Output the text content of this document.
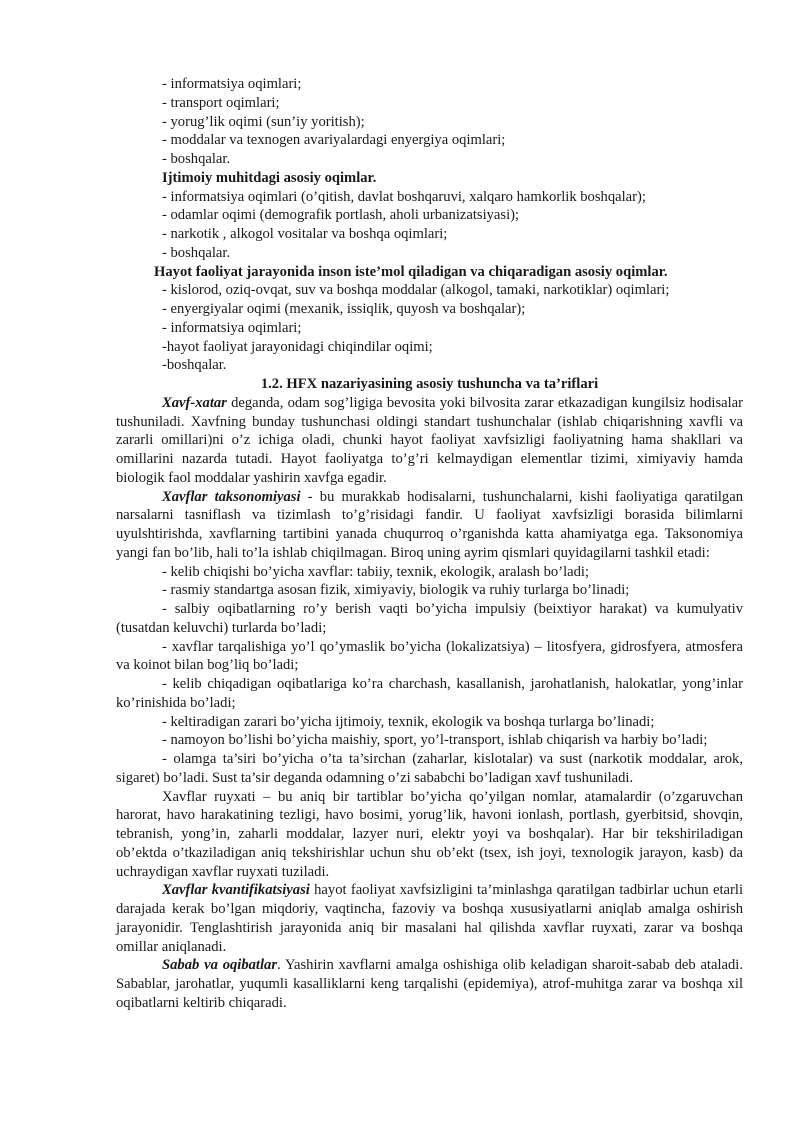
- informatsiya oqimlari;
- transport oqimlari;
- yorug’lik oqimi (sun’iy yoritish);
- moddalar va texnogen avariyalardagi enyergiya oqimlari;
- boshqalar.
Ijtimoiy muhitdagi asosiy oqimlar.
- informatsiya oqimlari (o’qitish, davlat boshqaruvi, xalqaro hamkorlik boshqalar);
- odamlar oqimi (demografik portlash, aholi urbanizatsiyasi);
- narkotik , alkogol vositalar va boshqa oqimlari;
- boshqalar.
Hayot faoliyat jarayonida inson iste’mol qiladigan va chiqaradigan asosiy oqimlar.
- kislorod, oziq-ovqat, suv va boshqa moddalar (alkogol, tamaki, narkotiklar) oqimlari;
- enyergiyalar oqimi (mexanik, issiqlik, quyosh va boshqalar);
- informatsiya oqimlari;
-hayot faoliyat jarayonidagi chiqindilar oqimi;
-boshqalar.
1.2. HFX nazariyasining asosiy tushuncha va ta’riflari

Xavf-xatar deganda, odam sog’ligiga bevosita yoki bilvosita zarar etkazadigan kungilsiz hodisalar tushuniladi. Xavfning bunday tushunchasi oldingi standart tushunchalar (ishlab chiqarishning xavfli va zararli omillari)ni o’z ichiga oladi, chunki hayot faoliyat xavfsizligi faoliyatning hama shakllari va omillarini nazarda tutadi. Hayot faoliyatga to’g’ri kelmaydigan elementlar tizimi, ximiyaviy hamda biologik faol moddalar yashirin xavfga egadir.

Xavflar taksonomiyasi - bu murakkab hodisalarni, tushunchalarni, kishi faoliyatiga qaratilgan narsalarni tasniflash va tizimlash to’g’risidagi fandir. U faoliyat xavfsizligi borasida bilimlarni uyulshtirishda, xavflarning tartibini yanada chuqurroq o’rganishda katta ahamiyatga ega. Taksonomiya yangi fan bo’lib, hali to’la ishlab chiqilmagan. Biroq uning ayrim qismlari quyidagilarni tashkil etadi:

- kelib chiqishi bo’yicha xavflar: tabiiy, texnik, ekologik, aralash bo’ladi;

- rasmiy standartga asosan fizik, ximiyaviy, biologik va ruhiy turlarga bo’linadi;

- salbiy oqibatlarning ro’y berish vaqti bo’yicha impulsiy (beixtiyor harakat) va kumulyativ (tusatdan keluvchi) turlarda bo’ladi;

- xavflar tarqalishiga yo’l qo’ymaslik bo’yicha (lokalizatsiya) – litosfyera, gidrosfyera, atmosfera va koinot bilan bog’liq bo’ladi;

- kelib chiqadigan oqibatlariga ko’ra charchash, kasallanish, jarohatlanish, halokatlar, yong’inlar ko’rinishida bo’ladi;

- keltiradigan zarari bo’yicha ijtimoiy, texnik, ekologik va boshqa turlarga bo’linadi;

- namoyon bo’lishi bo’yicha maishiy, sport, yo’l-transport, ishlab chiqarish va harbiy bo’ladi;

- olamga ta’siri bo’yicha o’ta ta’sirchan (zaharlar, kislotalar) va sust (narkotik moddalar, arok, sigaret) bo’ladi. Sust ta’sir deganda odamning o’zi sababchi bo’ladigan xavf tushuniladi.

Xavflar ruyxati – bu aniq bir tartiblar bo’yicha qo’yilgan nomlar, atamalardir (o’zgaruvchan harorat, havo harakatining tezligi, havo bosimi, yorug’lik, havoni ionlash, portlash, gyerbitsid, shovqin, tebranish, yong’in, zaharli moddalar, lazyer nuri, elektr yoyi va boshqalar). Har bir tekshiriladigan ob’ektda o’tkaziladigan aniq tekshirishlar uchun shu ob’ekt (tsex, ish joyi, texnologik jarayon, kasb) da uchraydigan xavflar ruyxati tuziladi.

Xavflar kvantifikatsiyasi hayot faoliyat xavfsizligini ta’minlashga qaratilgan tadbirlar uchun etarli darajada kerak bo’lgan miqdoriy, vaqtincha, fazoviy va boshqa xususiyatlarni aniqlab amalga oshirish jarayonidir. Tenglashtirish jarayonida aniq bir masalani hal qilishda xavflar ruyxati, zarar va boshqa omillar aniqlanadi.

Sabab va oqibatlar. Yashirin xavflarni amalga oshishiga olib keladigan sharoit-sabab deb ataladi. Sabablar, jarohatlar, yuqumli kasalliklarni keng tarqalishi (epidemiya), atrof-muhitga zarar va boshqa xil oqibatlarni keltirib chiqaradi.
